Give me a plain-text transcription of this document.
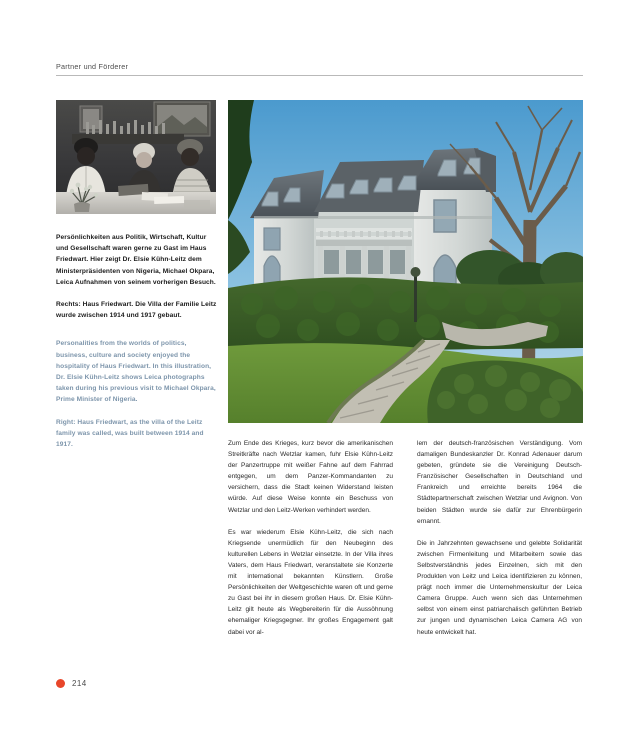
Partner und Förderer

Persönlichkeiten aus Politik, Wirtschaft, Kultur und Gesellschaft waren gerne zu Gast im Haus Friedwart. Hier zeigt Dr. Elsie Kühn-Leitz dem Ministerpräsidenten von Nigeria, Michael Okpara, Leica Aufnahmen von seinem vorherigen Besuch.

Rechts: Haus Friedwart. Die Villa der Familie Leitz wurde zwischen 1914 und 1917 gebaut.

Personalities from the worlds of politics, business, culture and society enjoyed the hospitality of Haus Friedwart. In this illustration, Dr. Elsie Kühn-Leitz shows Leica photographs taken during his previous visit to Michael Okpara, Prime Minister of Nigeria.

Right: Haus Friedwart, as the villa of the Leitz family was called, was built between 1914 and 1917.	Zum Ende des Krieges, kurz bevor die amerikanischen Streitkräfte nach Wetzlar kamen, fuhr Elsie Kühn-Leitz der Panzertruppe mit weißer Fahne auf dem Fahrrad entgegen, um dem Panzer-Kommandanten zu versichern, dass die Stadt keinen Widerstand leisten würde. Auf diese Weise konnte ein Beschuss von Wetzlar und den Leitz-Werken verhindert werden.

Es war wiederum Elsie Kühn-Leitz, die sich nach Kriegsende unermüdlich für den Neubeginn des kulturellen Lebens in Wetzlar einsetzte. In der Villa ihres Vaters, dem Haus Friedwart, veranstaltete sie Konzerte mit international bekannten Künstlern. Große Persönlichkeiten der Weltgeschichte waren oft und gerne zu Gast bei ihr in diesem großen Haus. Dr. Elsie Kühn-Leitz gilt heute als Wegbereiterin für die Aussöhnung ehemaliger Kriegsgegner. Ihr großes Engagement galt dabei vor al-

lem der deutsch-französischen Verständigung. Vom damaligen Bundeskanzler Dr. Konrad Adenauer darum gebeten, gründete sie die Vereinigung Deutsch-Französischer Gesellschaften in Deutschland und Frankreich und erreichte bereits 1964 die Städtepartnerschaft zwischen Wetzlar und Avignon. Von beiden Städten wurde sie dafür zur Ehrenbürgerin ernannt.

Die in Jahrzehnten gewachsene und gelebte Solidarität zwischen Firmenleitung und Mitarbeitern sowie das Selbstverständnis jedes Einzelnen, sich mit den Produkten von Leitz und Leica identifizieren zu können, prägt noch immer die Unternehmenskultur der Leica Camera Gruppe. Auch wenn sich das Unternehmen selbst von einem einst patriarchalisch geführten Betrieb zur jungen und dynamischen Leica Camera AG von heute entwickelt hat.

214
